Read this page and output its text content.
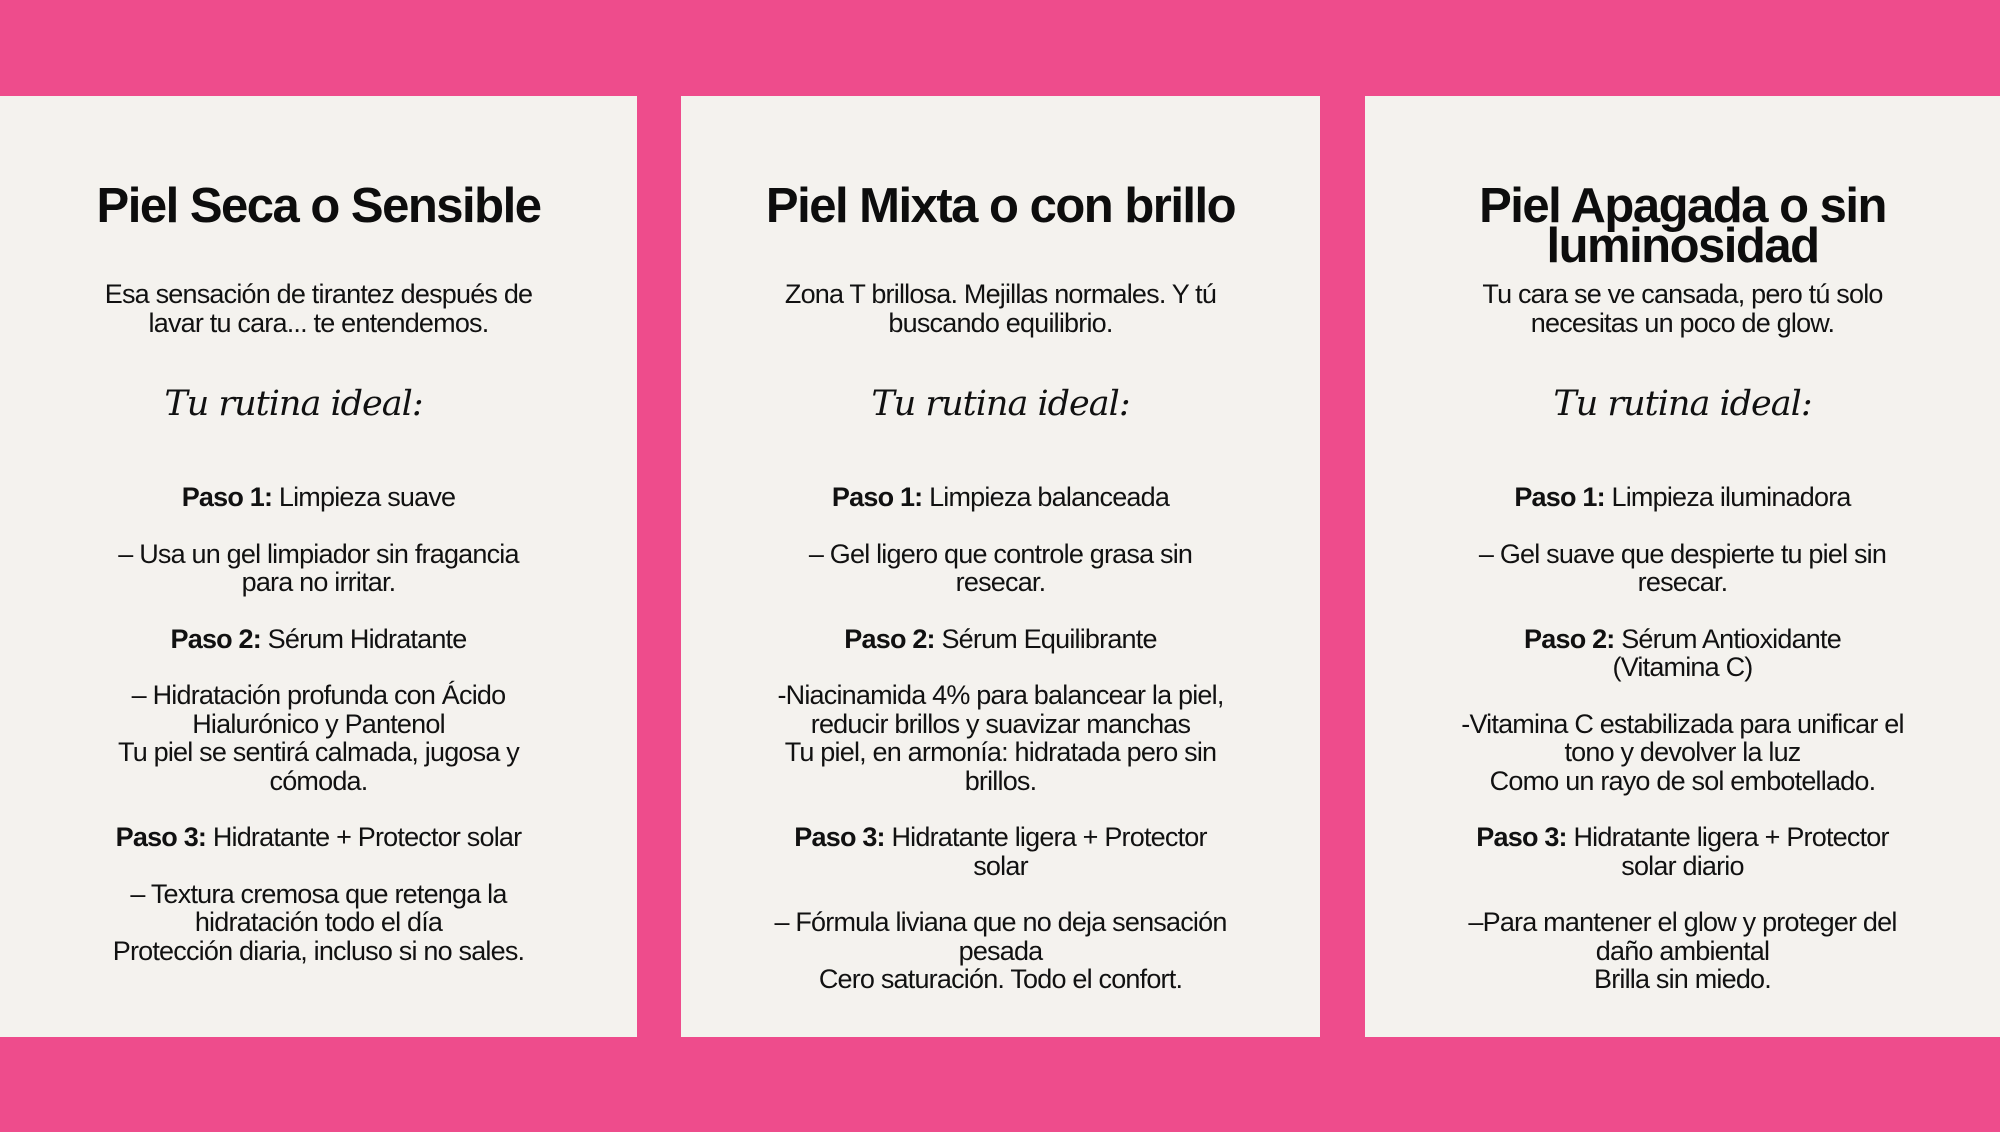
Piel Seca o Sensible

Esa sensación de tirantez después de
lavar tu cara... te entendemos.

Tu rutina ideal:

Paso 1: Limpieza suave

– Usa un gel limpiador sin fragancia
para no irritar.

Paso 2: Sérum Hidratante

– Hidratación profunda con Ácido
Hialurónico y Pantenol
Tu piel se sentirá calmada, jugosa y
cómoda.

Paso 3: Hidratante + Protector solar

– Textura cremosa que retenga la
hidratación todo el día
Protección diaria, incluso si no sales.

Piel Mixta o con brillo

Zona T brillosa. Mejillas normales. Y tú
buscando equilibrio.

Tu rutina ideal:

Paso 1: Limpieza balanceada

– Gel ligero que controle grasa sin
resecar.

Paso 2: Sérum Equilibrante

-Niacinamida 4% para balancear la piel,
reducir brillos y suavizar manchas
Tu piel, en armonía: hidratada pero sin
brillos.

Paso 3: Hidratante ligera + Protector
solar

– Fórmula liviana que no deja sensación
pesada
Cero saturación. Todo el confort.

Piel Apagada o sin
luminosidad

Tu cara se ve cansada, pero tú solo
necesitas un poco de glow.

Tu rutina ideal:

Paso 1: Limpieza iluminadora

– Gel suave que despierte tu piel sin
resecar.

Paso 2: Sérum Antioxidante
(Vitamina C)

-Vitamina C estabilizada para unificar el
tono y devolver la luz
Como un rayo de sol embotellado.

Paso 3: Hidratante ligera + Protector
solar diario

–Para mantener el glow y proteger del
daño ambiental
Brilla sin miedo.
